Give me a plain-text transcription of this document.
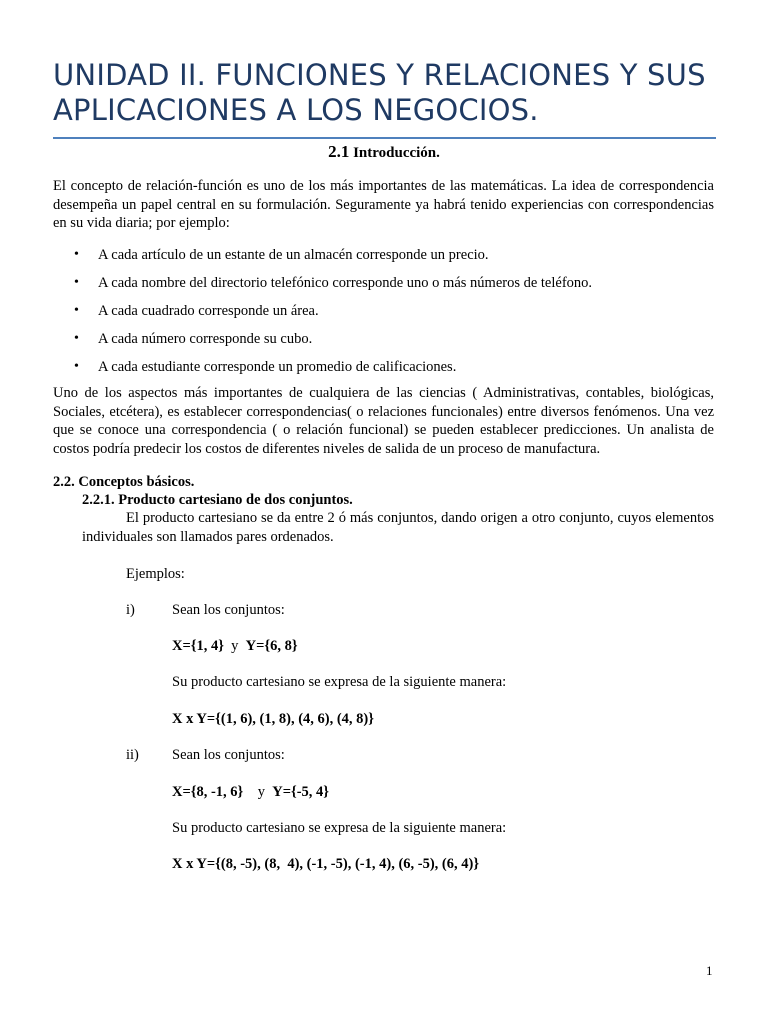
UNIDAD II. FUNCIONES Y RELACIONES Y SUS
APLICACIONES A LOS NEGOCIOS.
2.1 Introducción.

El concepto de relación-función es uno de los más importantes de las matemáticas. La idea de correspondencia desempeña un papel central en su formulación. Seguramente ya habrá tenido experiencias con correspondencias en su vida diaria; por ejemplo:

• A cada artículo de un estante de un almacén corresponde un precio.
• A cada nombre del directorio telefónico corresponde uno o más números de teléfono.
• A cada cuadrado corresponde un área.
• A cada número corresponde su cubo.
• A cada estudiante corresponde un promedio de calificaciones.

Uno de los aspectos más importantes de cualquiera de las ciencias ( Administrativas, contables, biológicas, Sociales, etcétera), es establecer correspondencias( o relaciones funcionales) entre diversos fenómenos. Una vez que se conoce una correspondencia ( o relación funcional) se pueden establecer predicciones. Un analista de costos podría predecir los costos de diferentes niveles de salida de un proceso de manufactura.

2.2. Conceptos básicos.

2.2.1. Producto cartesiano de dos conjuntos.

El producto cartesiano se da entre 2 ó más conjuntos, dando origen a otro conjunto, cuyos elementos individuales son llamados pares ordenados.

Ejemplos:
i)	Sean los conjuntos:
X={1, 4} y Y={6, 8}
Su producto cartesiano se expresa de la siguiente manera:
X x Y={(1, 6), (1, 8), (4, 6), (4, 8)}
ii) Sean los conjuntos:
X={8, -1, 6} y Y={-5, 4}
Su producto cartesiano se expresa de la siguiente manera:
X x Y={(8, -5), (8,  4), (-1, -5), (-1, 4), (6, -5), (6, 4)}
1
